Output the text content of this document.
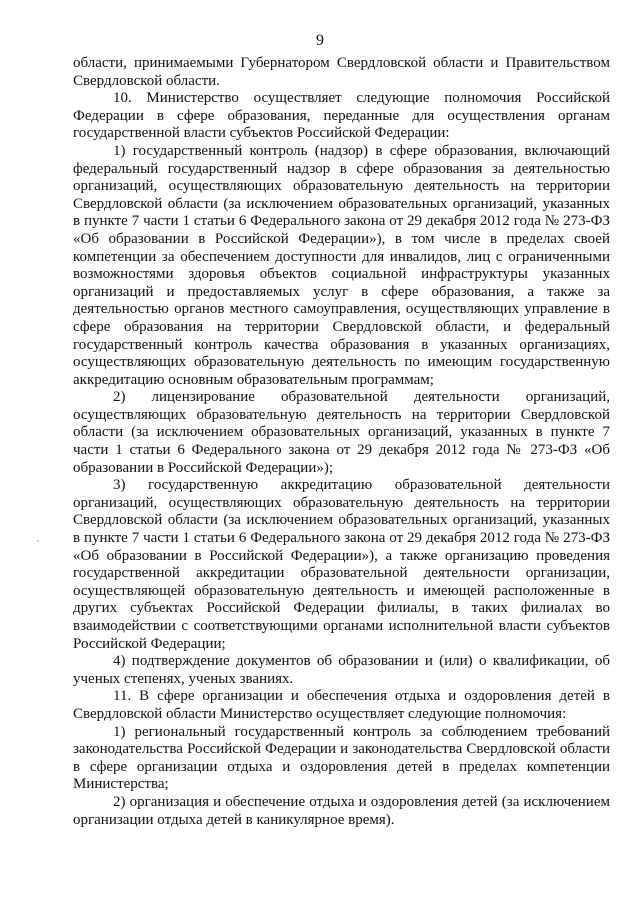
9

области, принимаемыми Губернатором Свердловской области и Правительством Свердловской области.

10. Министерство осуществляет следующие полномочия Российской Федерации в сфере образования, переданные для осуществления органам государственной власти субъектов Российской Федерации:

1) государственный контроль (надзор) в сфере образования, включающий федеральный государственный надзор в сфере образования за деятельностью организаций, осуществляющих образовательную деятельность на территории Свердловской области (за исключением образовательных организаций, указанных в пункте 7 части 1 статьи 6 Федерального закона от 29 декабря 2012 года № 273-ФЗ «Об образовании в Российской Федерации»), в том числе в пределах своей компетенции за обеспечением доступности для инвалидов, лиц с ограниченными возможностями здоровья объектов социальной инфраструктуры указанных организаций и предоставляемых услуг в сфере образования, а также за деятельностью органов местного самоуправления, осуществляющих управление в сфере образования на территории Свердловской области, и федеральный государственный контроль качества образования в указанных организациях, осуществляющих образовательную деятельность по имеющим государственную аккредитацию основным образовательным программам;

2) лицензирование образовательной деятельности организаций, осуществляющих образовательную деятельность на территории Свердловской области (за исключением образовательных организаций, указанных в пункте 7 части 1 статьи 6 Федерального закона от 29 декабря 2012 года № 273-ФЗ «Об образовании в Российской Федерации»);

3) государственную аккредитацию образовательной деятельности организаций, осуществляющих образовательную деятельность на территории Свердловской области (за исключением образовательных организаций, указанных в пункте 7 части 1 статьи 6 Федерального закона от 29 декабря 2012 года № 273-ФЗ «Об образовании в Российской Федерации»), а также организацию проведения государственной аккредитации образовательной деятельности организации, осуществляющей образовательную деятельность и имеющей расположенные в других субъектах Российской Федерации филиалы, в таких филиалах во взаимодействии с соответствующими органами исполнительной власти субъектов Российской Федерации;

4) подтверждение документов об образовании и (или) о квалификации, об ученых степенях, ученых званиях.

11. В сфере организации и обеспечения отдыха и оздоровления детей в Свердловской области Министерство осуществляет следующие полномочия:

1) региональный государственный контроль за соблюдением требований законодательства Российской Федерации и законодательства Свердловской области в сфере организации отдыха и оздоровления детей в пределах компетенции Министерства;

2) организация и обеспечение отдыха и оздоровления детей (за исключением организации отдыха детей в каникулярное время).
